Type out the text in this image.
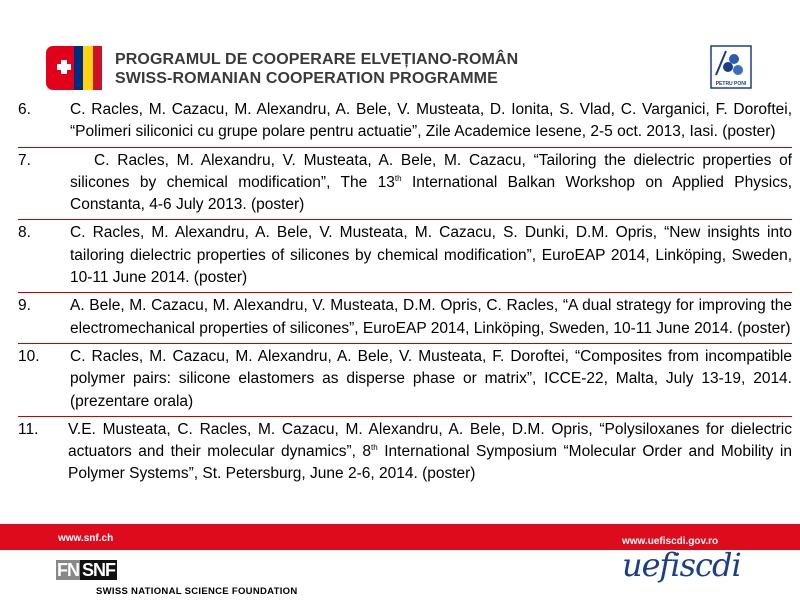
PROGRAMUL DE COOPERARE ELVEȚIANO-ROMÂN
SWISS-ROMANIAN COOPERATION PROGRAMME	PETRU PONI
6.	C. Racles, M. Cazacu, M. Alexandru, A. Bele, V. Musteata, D. Ionita, S. Vlad, C. Varganici, F. Doroftei, “Polimeri siliconici cu grupe polare pentru actuatie”, Zile Academice Iesene, 2-5 oct. 2013, Iasi. (poster)
7.	C. Racles, M. Alexandru, V. Musteata, A. Bele, M. Cazacu, “Tailoring the dielectric properties of silicones by chemical modification”, The 13th International Balkan Workshop on Applied Physics, Constanta, 4-6 July 2013. (poster)
8.	C. Racles, M. Alexandru, A. Bele, V. Musteata, M. Cazacu, S. Dunki, D.M. Opris, “New insights into tailoring dielectric properties of silicones by chemical modification”, EuroEAP 2014, Linköping, Sweden, 10-11 June 2014. (poster)
9.	A. Bele, M. Cazacu, M. Alexandru, V. Musteata, D.M. Opris, C. Racles, “A dual strategy for improving the electromechanical properties of silicones”, EuroEAP 2014, Linköping, Sweden, 10-11 June 2014. (poster)
10. C. Racles, M. Cazacu, M. Alexandru, A. Bele, V. Musteata, F. Doroftei, “Composites from incompatible polymer pairs: silicone elastomers as disperse phase or matrix”, ICCE-22, Malta, July 13-19, 2014. (prezentare orala)
11. V.E. Musteata, C. Racles, M. Cazacu, M. Alexandru, A. Bele, D.M. Opris, “Polysiloxanes for dielectric actuators and their molecular dynamics”, 8th International Symposium “Molecular Order and Mobility in Polymer Systems”, St. Petersburg, June 2-6, 2014. (poster)
www.snf.ch	www.uefiscdi.gov.ro
FN SNF
SWISS NATIONAL SCIENCE FOUNDATION
uefiscdi
